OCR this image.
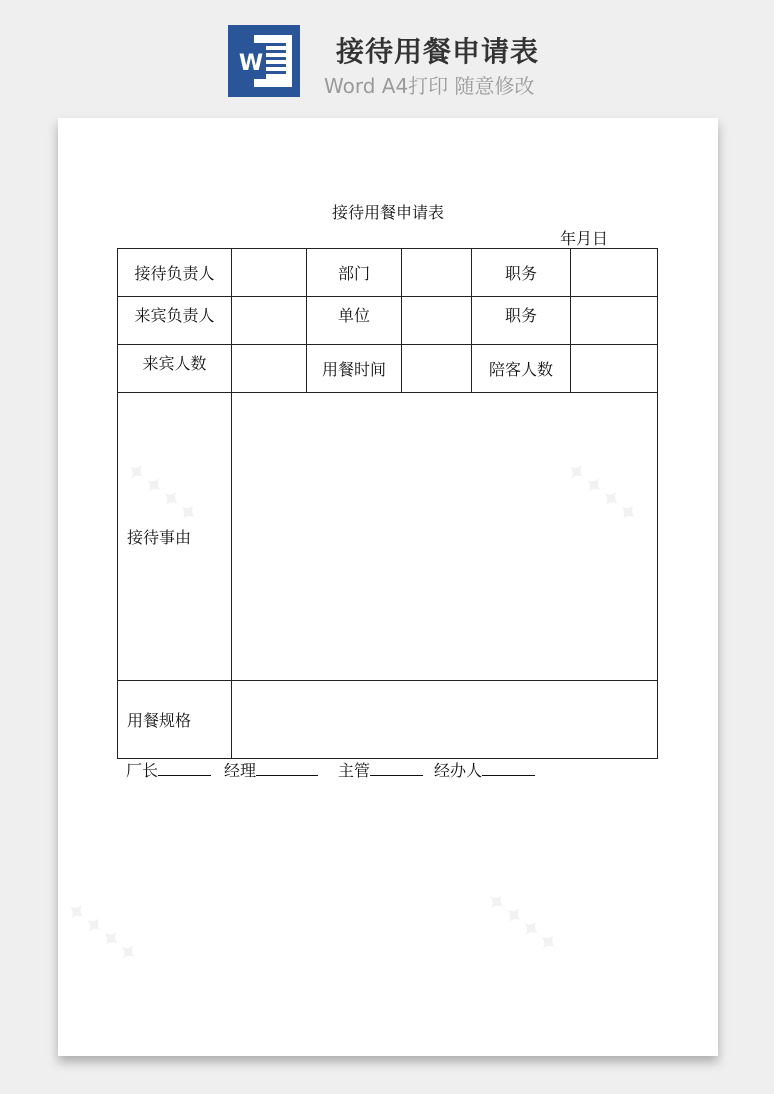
W	接待用餐申请表
Word A4打印 随意修改
✦✦✦✦	✦✦✦✦
✦✦✦✦	✦✦✦✦
接待用餐申请表
年月日
接待负责人		部门		职务	
来宾负责人		单位		职务	
来宾人数		用餐时间		陪客人数	
接待事由					
用餐规格					
厂长	经理	主管	经办人
